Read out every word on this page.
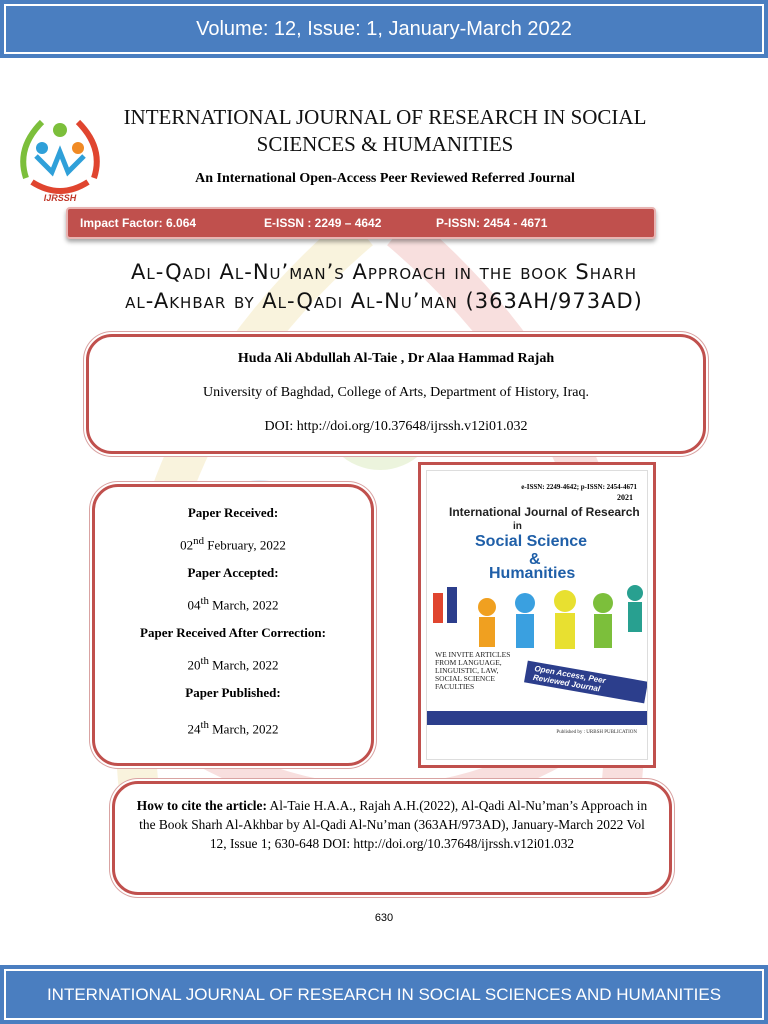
Volume: 12, Issue: 1, January-March 2022
IJRSSH
INTERNATIONAL JOURNAL OF RESEARCH IN SOCIAL
SCIENCES & HUMANITIES
An International Open-Access Peer Reviewed Referred Journal
Impact Factor: 6.064	E-ISSN : 2249 – 4642	P-ISSN: 2454 - 4671
Al-Qadi Al-Nu’man’s Approach in the book Sharh
al-Akhbar by Al-Qadi Al-Nu’man (363AH/973AD)
Huda Ali Abdullah Al-Taie , Dr Alaa Hammad Rajah
University of Baghdad, College of Arts, Department of History, Iraq.
DOI: http://doi.org/10.37648/ijrssh.v12i01.032
Paper Received:
02nd February, 2022
Paper Accepted:
04th March, 2022
Paper Received After Correction:
20th March, 2022
Paper Published:
24th March, 2022
e-ISSN: 2249-4642; p-ISSN: 2454-4671
2021
International Journal of Research
in
Social Science
&
Humanities
WE INVITE ARTICLES FROM LANGUAGE, LINGUISTIC, LAW, SOCIAL SCIENCE FACULTIES
Open Access, Peer Reviewed Journal
Published by : URBSH PUBLICATION
How to cite the article: Al-Taie H.A.A., Rajah A.H.(2022), Al-Qadi Al-Nu’man’s Approach in the Book Sharh Al-Akhbar by Al-Qadi Al-Nu’man (363AH/973AD), January-March 2022 Vol 12, Issue 1; 630-648 DOI: http://doi.org/10.37648/ijrssh.v12i01.032
630
INTERNATIONAL JOURNAL OF RESEARCH IN SOCIAL SCIENCES AND HUMANITIES
